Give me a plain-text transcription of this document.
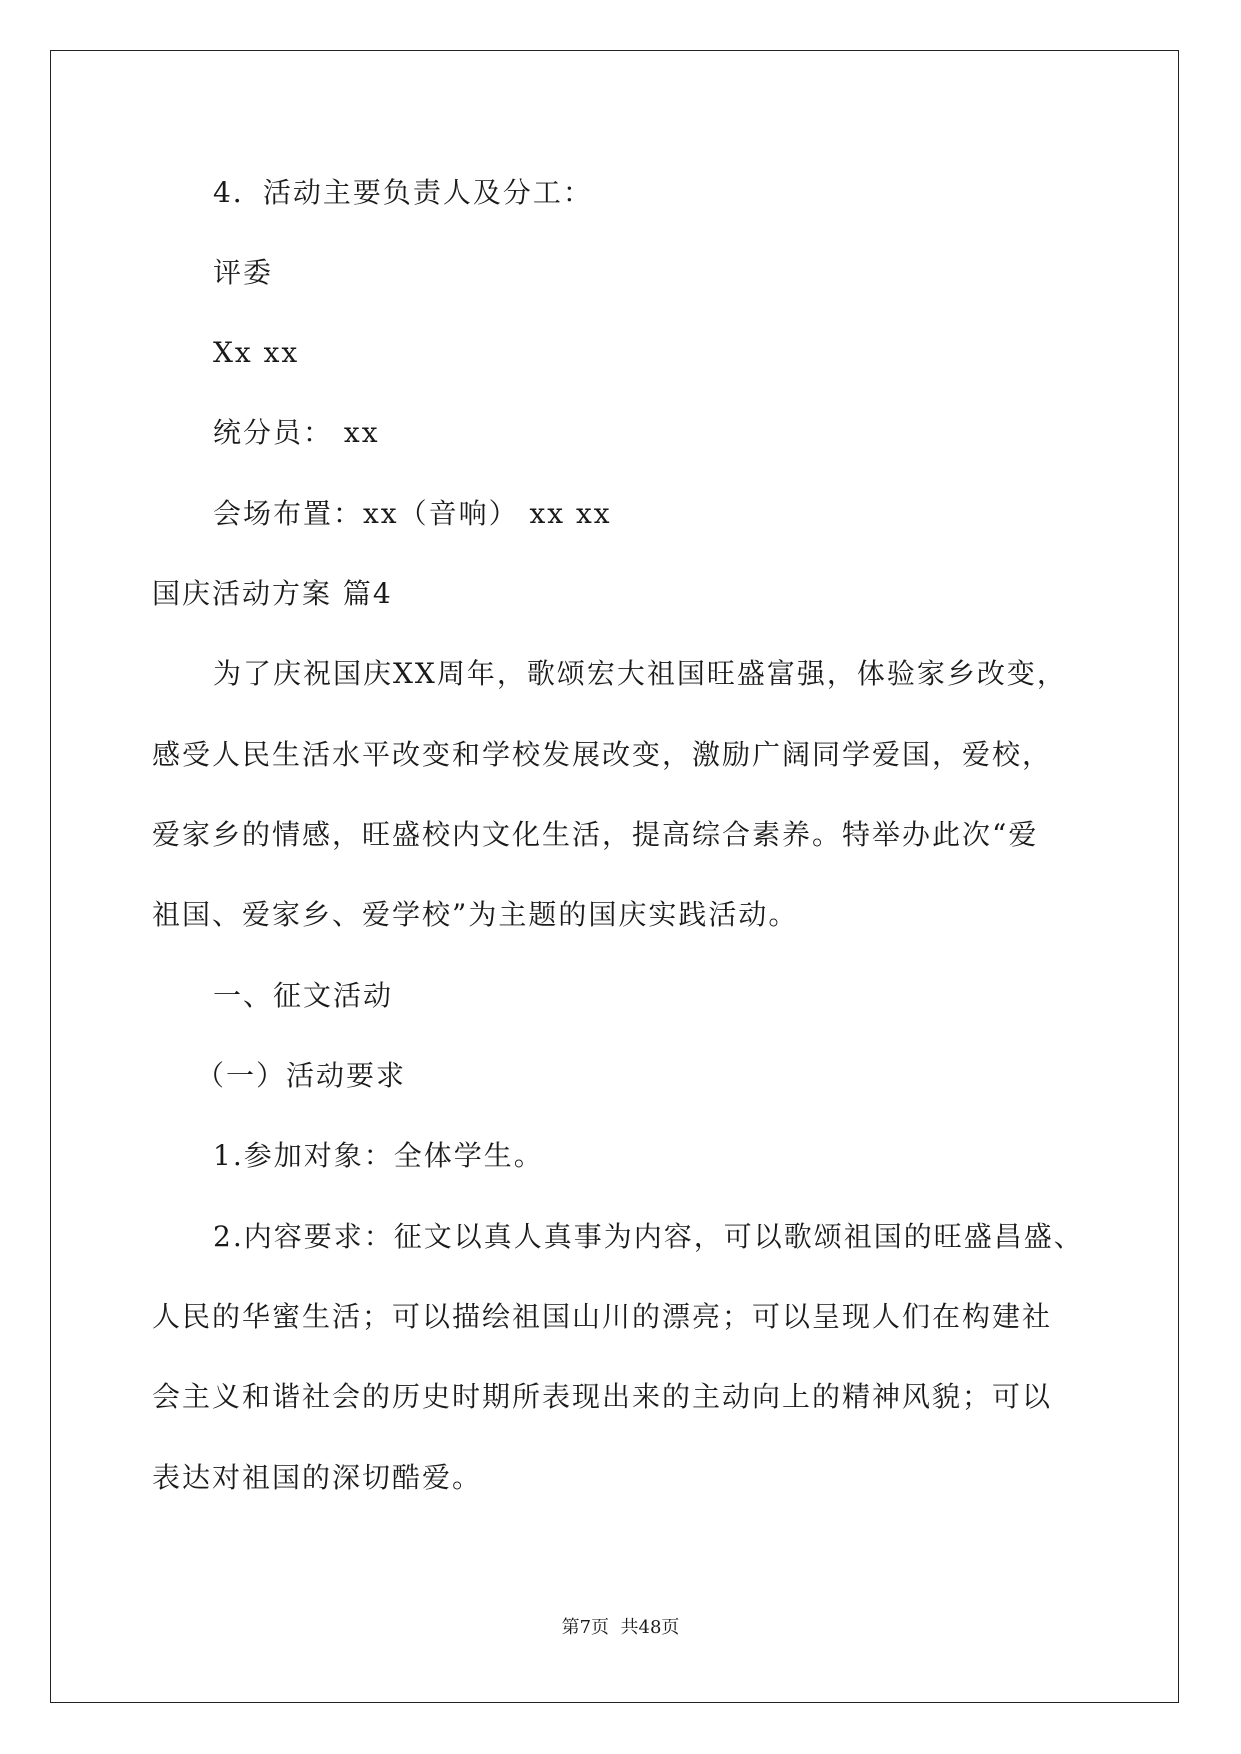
4．活动主要负责人及分工：
评委
Xx xx
统分员： xx
会场布置：xx（音响） xx xx
国庆活动方案 篇4
为了庆祝国庆XX周年，歌颂宏大祖国旺盛富强，体验家乡改变，
感受人民生活水平改变和学校发展改变，激励广阔同学爱国，爱校，
爱家乡的情感，旺盛校内文化生活，提高综合素养。特举办此次“爱
祖国、爱家乡、爱学校”为主题的国庆实践活动。
一、征文活动
（一）活动要求
1.参加对象：全体学生。
2.内容要求：征文以真人真事为内容，可以歌颂祖国的旺盛昌盛、
人民的华蜜生活；可以描绘祖国山川的漂亮；可以呈现人们在构建社
会主义和谐社会的历史时期所表现出来的主动向上的精神风貌；可以
表达对祖国的深切酷爱。
第7页  共48页
